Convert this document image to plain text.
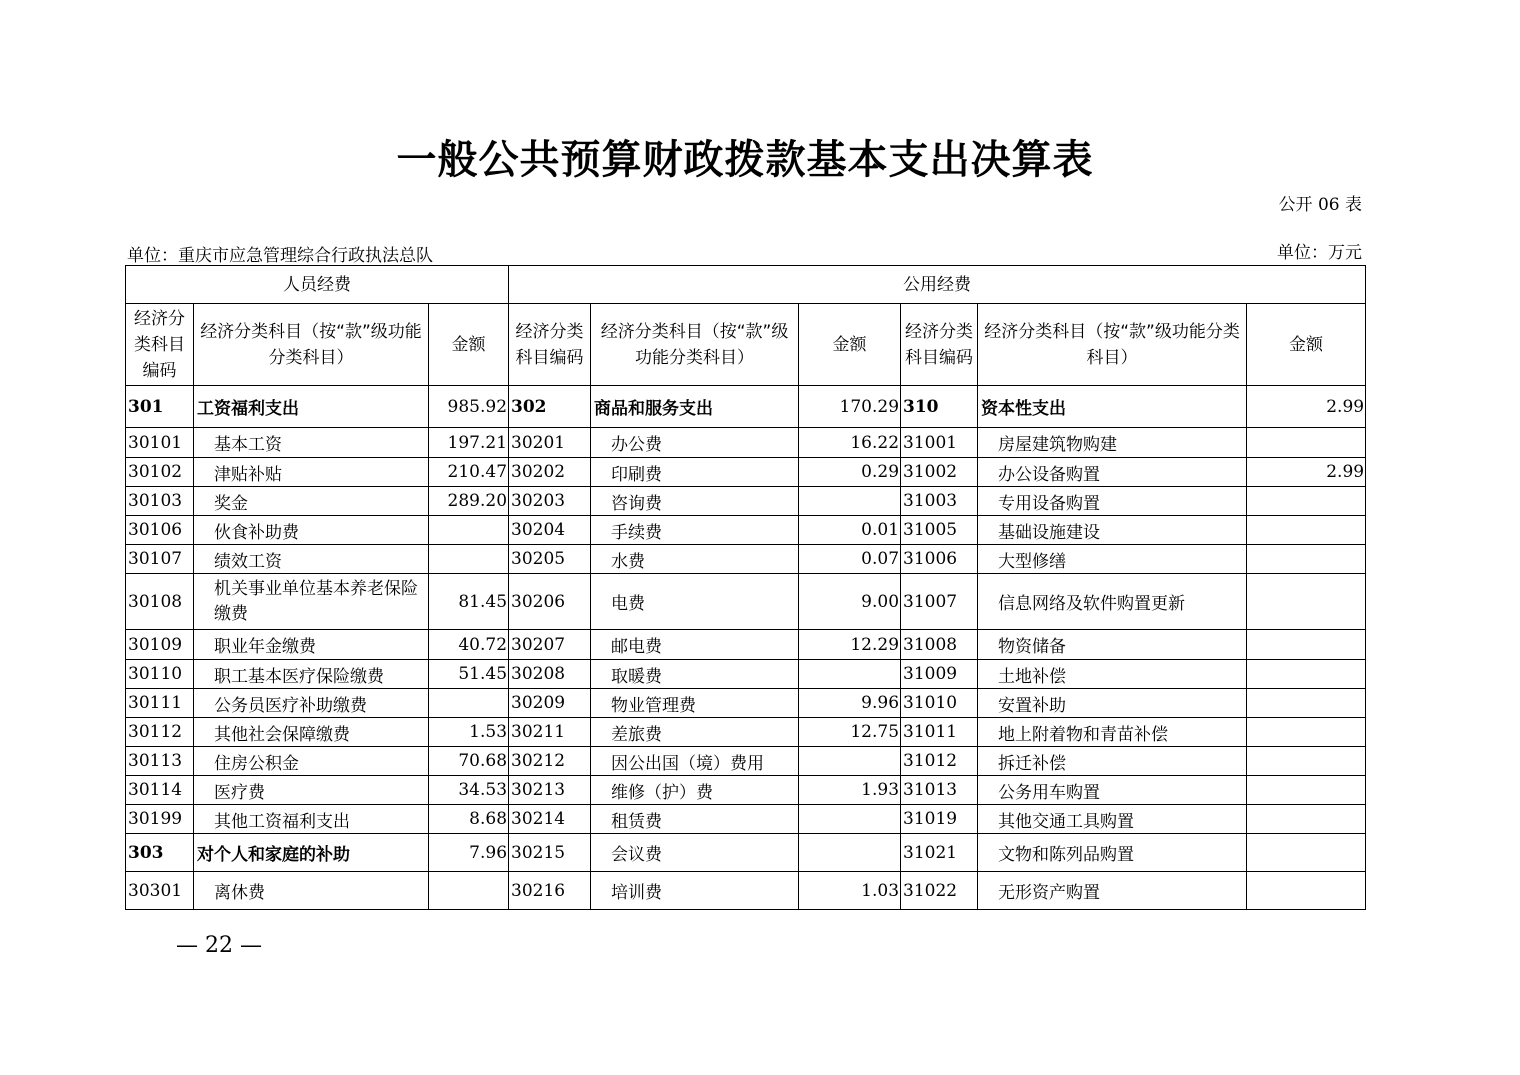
一般公共预算财政拨款基本支出决算表
公开 06 表
单位：重庆市应急管理综合行政执法总队	单位：万元
人员经费			公用经费					
经济分类科目编码	经济分类科目（按“款”级功能分类科目）	金额	经济分类科目编码	经济分类科目（按“款”级功能分类科目）	金额	经济分类科目编码	经济分类科目（按“款”级功能分类科目）	金额
301	工资福利支出	985.92	302	商品和服务支出	170.29	310	资本性支出	2.99
30101	基本工资	197.21	30201	办公费	16.22	31001	房屋建筑物购建	
30102	津贴补贴	210.47	30202	印刷费	0.29	31002	办公设备购置	2.99
30103	奖金	289.20	30203	咨询费		31003	专用设备购置	
30106	伙食补助费		30204	手续费	0.01	31005	基础设施建设	
30107	绩效工资		30205	水费	0.07	31006	大型修缮	
30108	机关事业单位基本养老保险缴费	81.45	30206	电费	9.00	31007	信息网络及软件购置更新	
30109	职业年金缴费	40.72	30207	邮电费	12.29	31008	物资储备	
30110	职工基本医疗保险缴费	51.45	30208	取暖费		31009	土地补偿	
30111	公务员医疗补助缴费		30209	物业管理费	9.96	31010	安置补助	
30112	其他社会保障缴费	1.53	30211	差旅费	12.75	31011	地上附着物和青苗补偿	
30113	住房公积金	70.68	30212	因公出国（境）费用		31012	拆迁补偿	
30114	医疗费	34.53	30213	维修（护）费	1.93	31013	公务用车购置	
30199	其他工资福利支出	8.68	30214	租赁费		31019	其他交通工具购置	
303	对个人和家庭的补助	7.96	30215	会议费		31021	文物和陈列品购置	
30301	离休费		30216	培训费	1.03	31022	无形资产购置	
— 22 —
